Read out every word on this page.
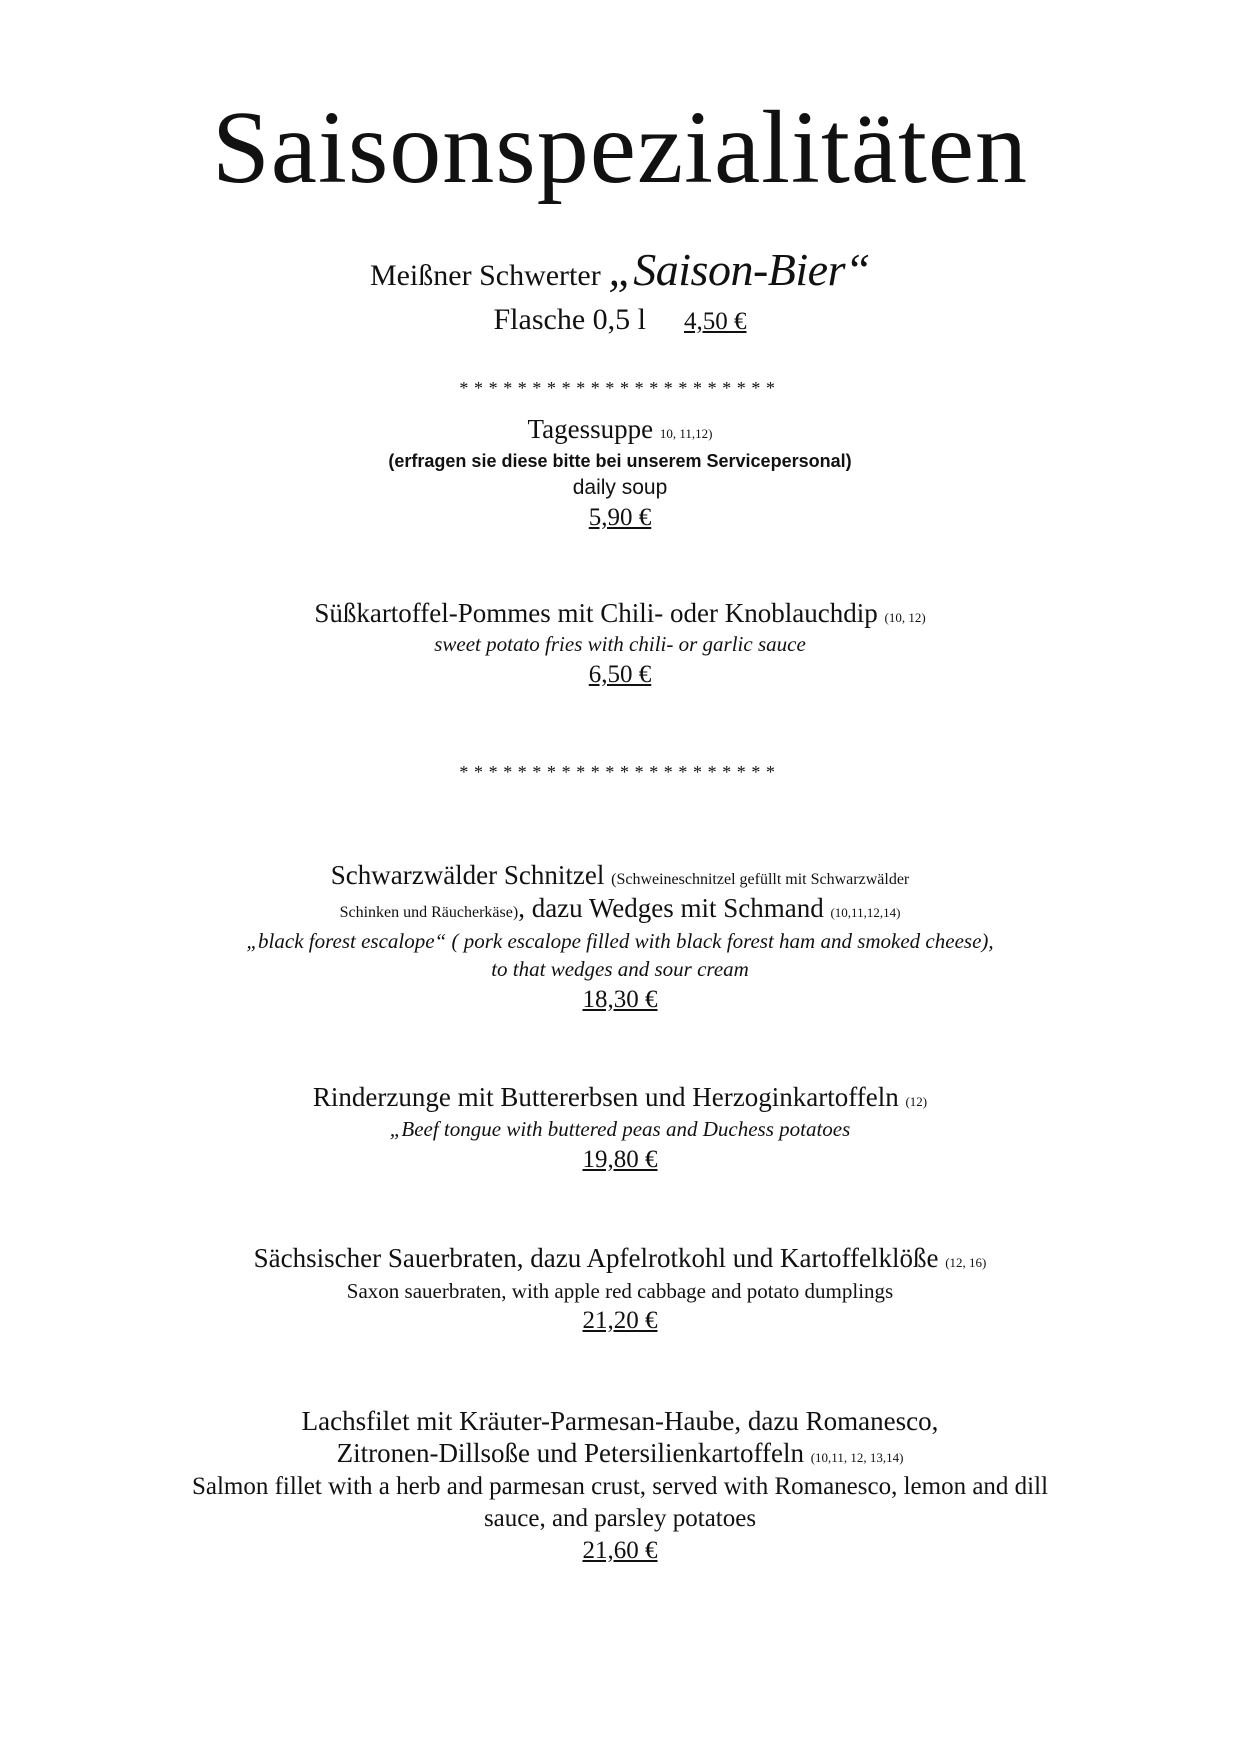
Saisonspezialitäten
Meißner Schwerter „Saison-Bier“
Flasche 0,5 l 4,50 €
**********************
Tagessuppe 10, 11,12)
(erfragen sie diese bitte bei unserem Servicepersonal)
daily soup
5,90 €
Süßkartoffel-Pommes mit Chili- oder Knoblauchdip (10, 12)
sweet potato fries with chili- or garlic sauce
6,50 €
**********************
Schwarzwälder Schnitzel (Schweineschnitzel gefüllt mit Schwarzwälder
Schinken und Räucherkäse), dazu Wedges mit Schmand (10,11,12,14)
„black forest escalope“ ( pork escalope filled with black forest ham and smoked cheese),
to that wedges and sour cream
18,30 €
Rinderzunge mit Buttererbsen und Herzoginkartoffeln (12)
„Beef tongue with buttered peas and Duchess potatoes
19,80 €
Sächsischer Sauerbraten, dazu Apfelrotkohl und Kartoffelklöße (12, 16)
Saxon sauerbraten, with apple red cabbage and potato dumplings
21,20 €
Lachsfilet mit Kräuter-Parmesan-Haube, dazu Romanesco,
Zitronen-Dillsoße und Petersilienkartoffeln (10,11, 12, 13,14)
Salmon fillet with a herb and parmesan crust, served with Romanesco, lemon and dill
sauce, and parsley potatoes
21,60 €
